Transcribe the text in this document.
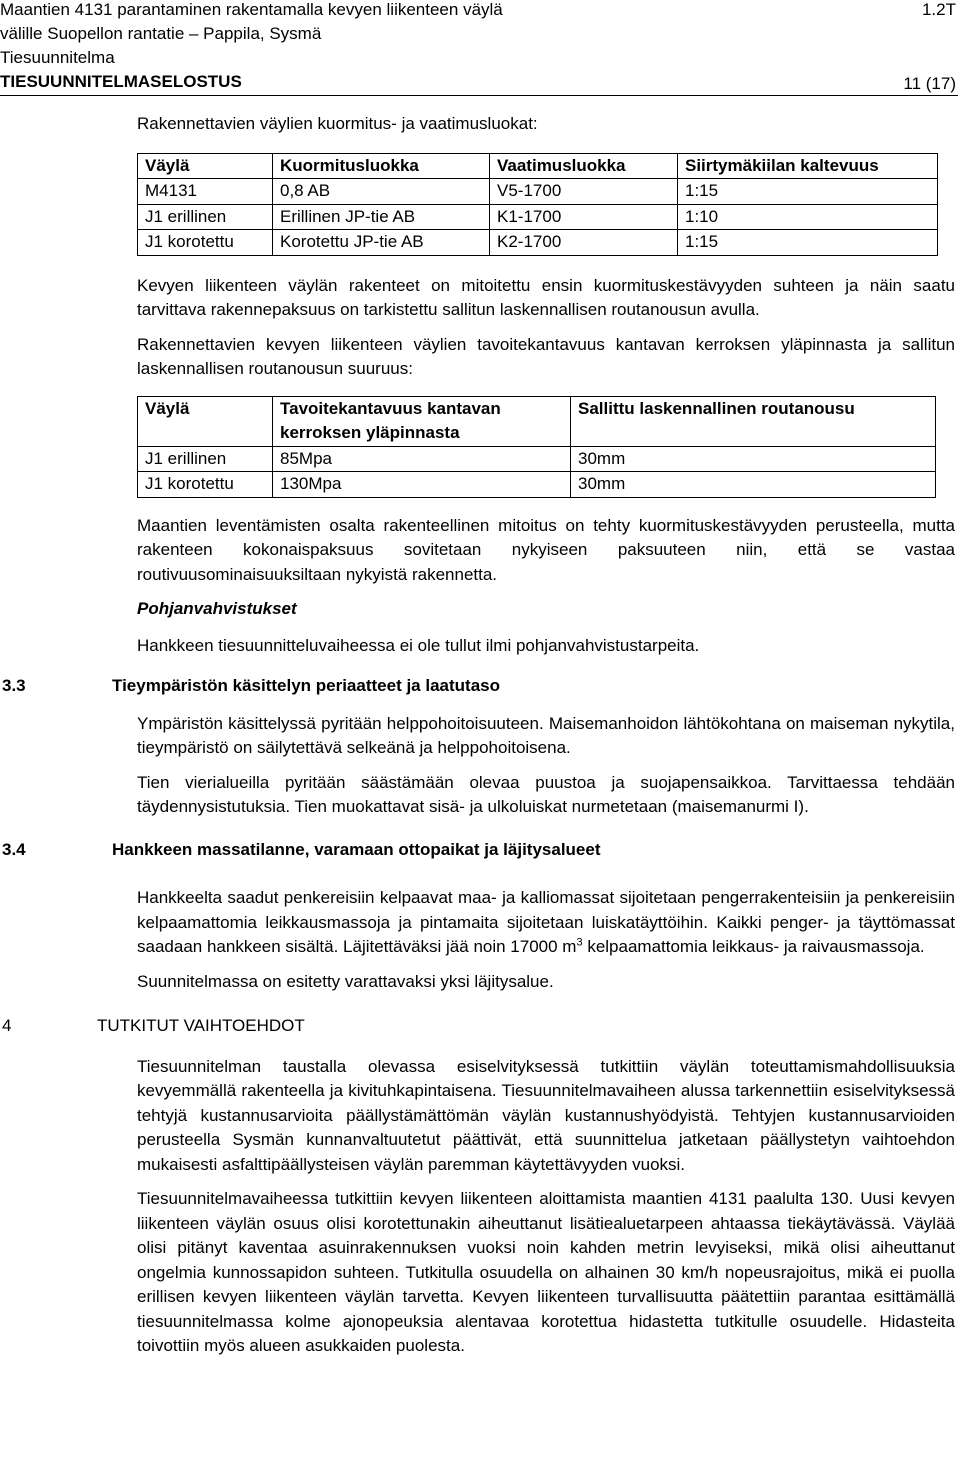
Maantien 4131 parantaminen rakentamalla kevyen liikenteen väylä	1.2T
välille Suopellon rantatie – Pappila, Sysmä
Tiesuunnitelma
TIESUUNNITELMASELOSTUS	11 (17)
Rakennettavien väylien kuormitus- ja vaatimusluokat:
Väylä	Kuormitusluokka	Vaatimusluokka	Siirtymäkiilan kaltevuus
M4131	0,8 AB	V5-1700	1:15
J1 erillinen	Erillinen JP-tie AB	K1-1700	1:10
J1 korotettu	Korotettu JP-tie AB	K2-1700	1:15

Kevyen liikenteen väylän rakenteet on mitoitettu ensin kuormituskestävyyden suhteen ja näin saatu tarvittava rakennepaksuus on tarkistettu sallitun laskennallisen routanousun avulla.

Rakennettavien kevyen liikenteen väylien tavoitekantavuus kantavan kerroksen yläpinnasta ja sallitun laskennallisen routanousun suuruus:

Väylä	Tavoitekantavuus kantavan kerroksen yläpinnasta	Sallittu laskennallinen routanousu
J1 erillinen	85Mpa	30mm
J1 korotettu	130Mpa	30mm

Maantien leventämisten osalta rakenteellinen mitoitus on tehty kuormituskestävyyden perusteella, mutta rakenteen kokonaispaksuus sovitetaan nykyiseen paksuuteen niin, että se vastaa routivuusominaisuuksiltaan nykyistä rakennetta.

Pohjanvahvistukset

Hankkeen tiesuunnitteluvaiheessa ei ole tullut ilmi pohjanvahvistustarpeita.

3.3	Tieympäristön käsittelyn periaatteet ja laatutaso

Ympäristön käsittelyssä pyritään helppohoitoisuuteen. Maisemanhoidon lähtökohtana on maiseman nykytila, tieympäristö on säilytettävä selkeänä ja helppohoitoisena.

Tien vierialueilla pyritään säästämään olevaa puustoa ja suojapensaikkoa. Tarvittaessa tehdään täydennysistutuksia. Tien muokattavat sisä- ja ulkoluiskat nurmetetaan (maisemanurmi I).

3.4	Hankkeen massatilanne, varamaan ottopaikat ja läjitysalueet

Hankkeelta saadut penkereisiin kelpaavat maa- ja kalliomassat sijoitetaan pengerrakenteisiin ja penkereisiin kelpaamattomia leikkausmassoja ja pintamaita sijoitetaan luiskatäyttöihin. Kaikki penger- ja täyttömassat saadaan hankkeen sisältä. Läjitettäväksi jää noin 17000 $m^3$ kelpaamattomia leikkaus- ja raivausmassoja.

Suunnitelmassa on esitetty varattavaksi yksi läjitysalue.

4	TUTKITUT VAIHTOEHDOT

Tiesuunnitelman taustalla olevassa esiselvityksessä tutkittiin väylän toteuttamismahdollisuuksia kevyemmällä rakenteella ja kivituhkapintaisena. Tiesuunnitelmavaiheen alussa tarkennettiin esiselvityksessä tehtyjä kustannusarvioita päällystämättömän väylän kustannushyödyistä. Tehtyjen kustannusarvioiden perusteella Sysmän kunnanvaltuutetut päättivät, että suunnittelua jatketaan päällystetyn vaihtoehdon mukaisesti asfalttipäällysteisen väylän paremman käytettävyyden vuoksi.

Tiesuunnitelmavaiheessa tutkittiin kevyen liikenteen aloittamista maantien 4131 paalulta 130. Uusi kevyen liikenteen väylän osuus olisi korotettunakin aiheuttanut lisätiealuetarpeen ahtaassa tiekäytävässä. Väylää olisi pitänyt kaventaa asuinrakennuksen vuoksi noin kahden metrin levyiseksi, mikä olisi aiheuttanut ongelmia kunnossapidon suhteen. Tutkitulla osuudella on alhainen 30 km/h nopeusrajoitus, mikä ei puolla erillisen kevyen liikenteen väylän tarvetta. Kevyen liikenteen turvallisuutta päätettiin parantaa esittämällä tiesuunnitelmassa kolme ajonopeuksia alentavaa korotettua hidastetta tutkitulle osuudelle. Hidasteita toivottiin myös alueen asukkaiden puolesta.
